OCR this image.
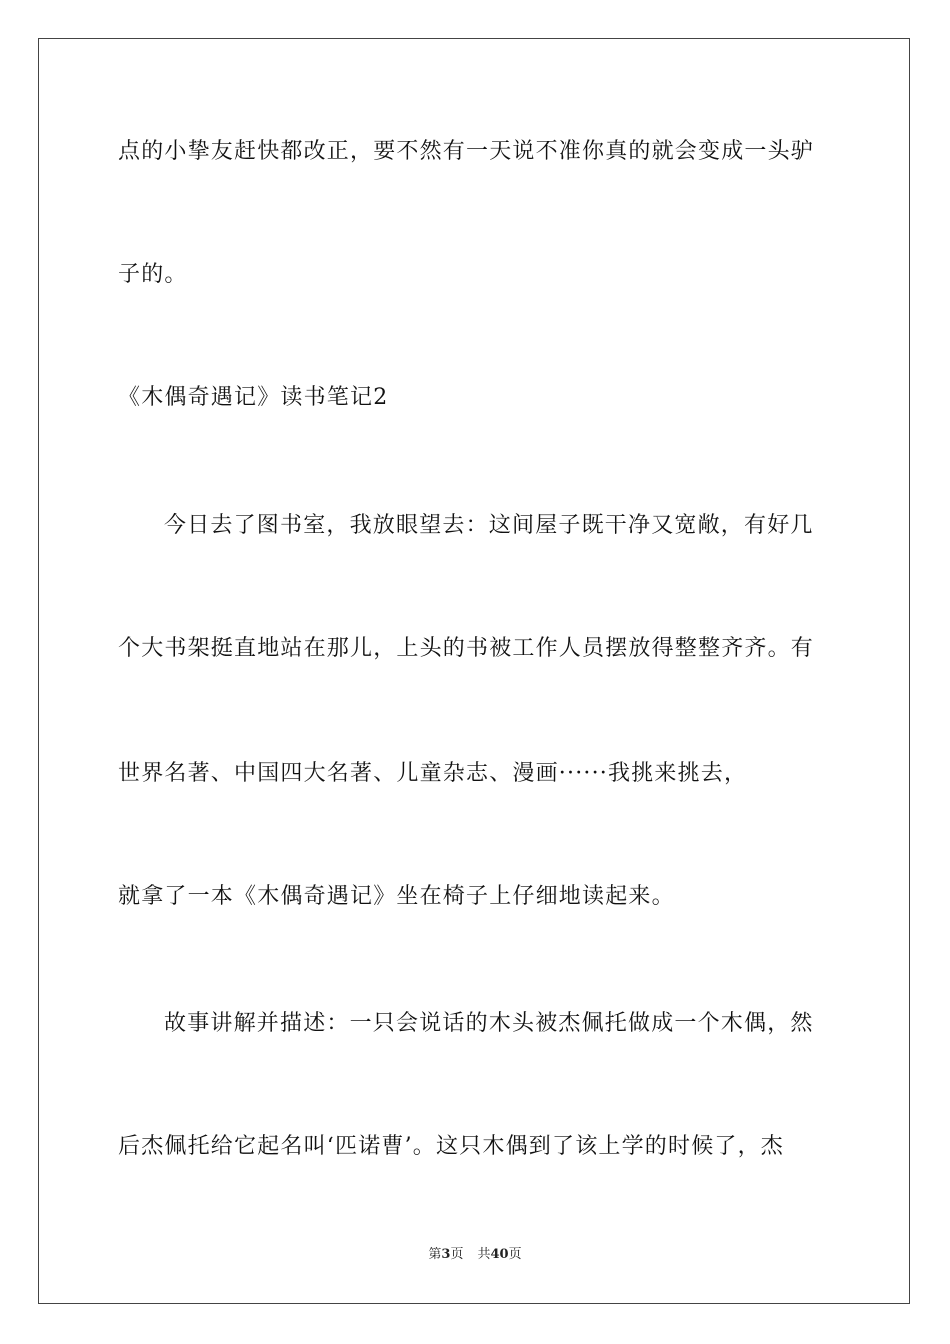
点的小挚友赶快都改正，要不然有一天说不准你真的就会变成一头驴
子的。
《木偶奇遇记》读书笔记2
今日去了图书室，我放眼望去：这间屋子既干净又宽敞，有好几
个大书架挺直地站在那儿，上头的书被工作人员摆放得整整齐齐。有
世界名著、中国四大名著、儿童杂志、漫画······我挑来挑去，
就拿了一本《木偶奇遇记》坐在椅子上仔细地读起来。
故事讲解并描述：一只会说话的木头被杰佩托做成一个木偶，然
后杰佩托给它起名叫‘匹诺曹’。这只木偶到了该上学的时候了，杰
第3页 共40页
